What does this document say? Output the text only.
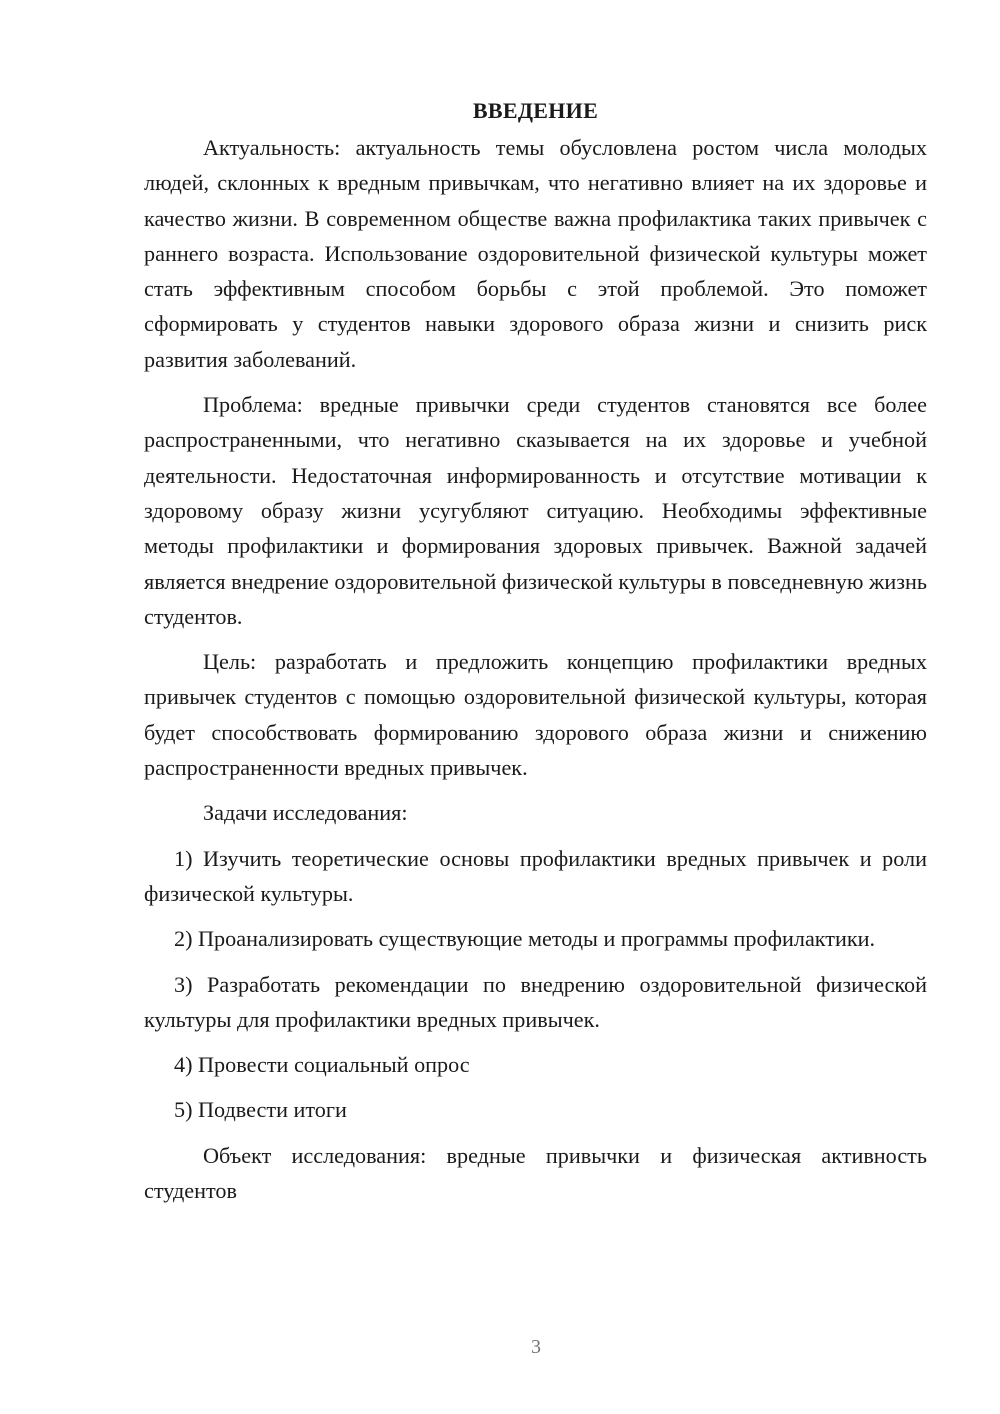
ВВЕДЕНИЕ

Актуальность: актуальность темы обусловлена ростом числа молодых людей, склонных к вредным привычкам, что негативно влияет на их здоровье и качество жизни. В современном обществе важна профилактика таких привычек с раннего возраста. Использование оздоровительной физической культуры может стать эффективным способом борьбы с этой проблемой. Это поможет сформировать у студентов навыки здорового образа жизни и снизить риск развития заболеваний.

Проблема: вредные привычки среди студентов становятся все более распространенными, что негативно сказывается на их здоровье и учебной деятельности. Недостаточная информированность и отсутствие мотивации к здоровому образу жизни усугубляют ситуацию. Необходимы эффективные методы профилактики и формирования здоровых привычек. Важной задачей является внедрение оздоровительной физической культуры в повседневную жизнь студентов.

Цель: разработать и предложить концепцию профилактики вредных привычек студентов с помощью оздоровительной физической культуры, которая будет способствовать формированию здорового образа жизни и снижению распространенности вредных привычек.

Задачи исследования:

1) Изучить теоретические основы профилактики вредных привычек и роли физической культуры.

2) Проанализировать существующие методы и программы профилактики.

3) Разработать рекомендации по внедрению оздоровительной физической культуры для профилактики вредных привычек.

4) Провести социальный опрос

5) Подвести итоги

Объект исследования: вредные привычки и физическая активность студентов

3
